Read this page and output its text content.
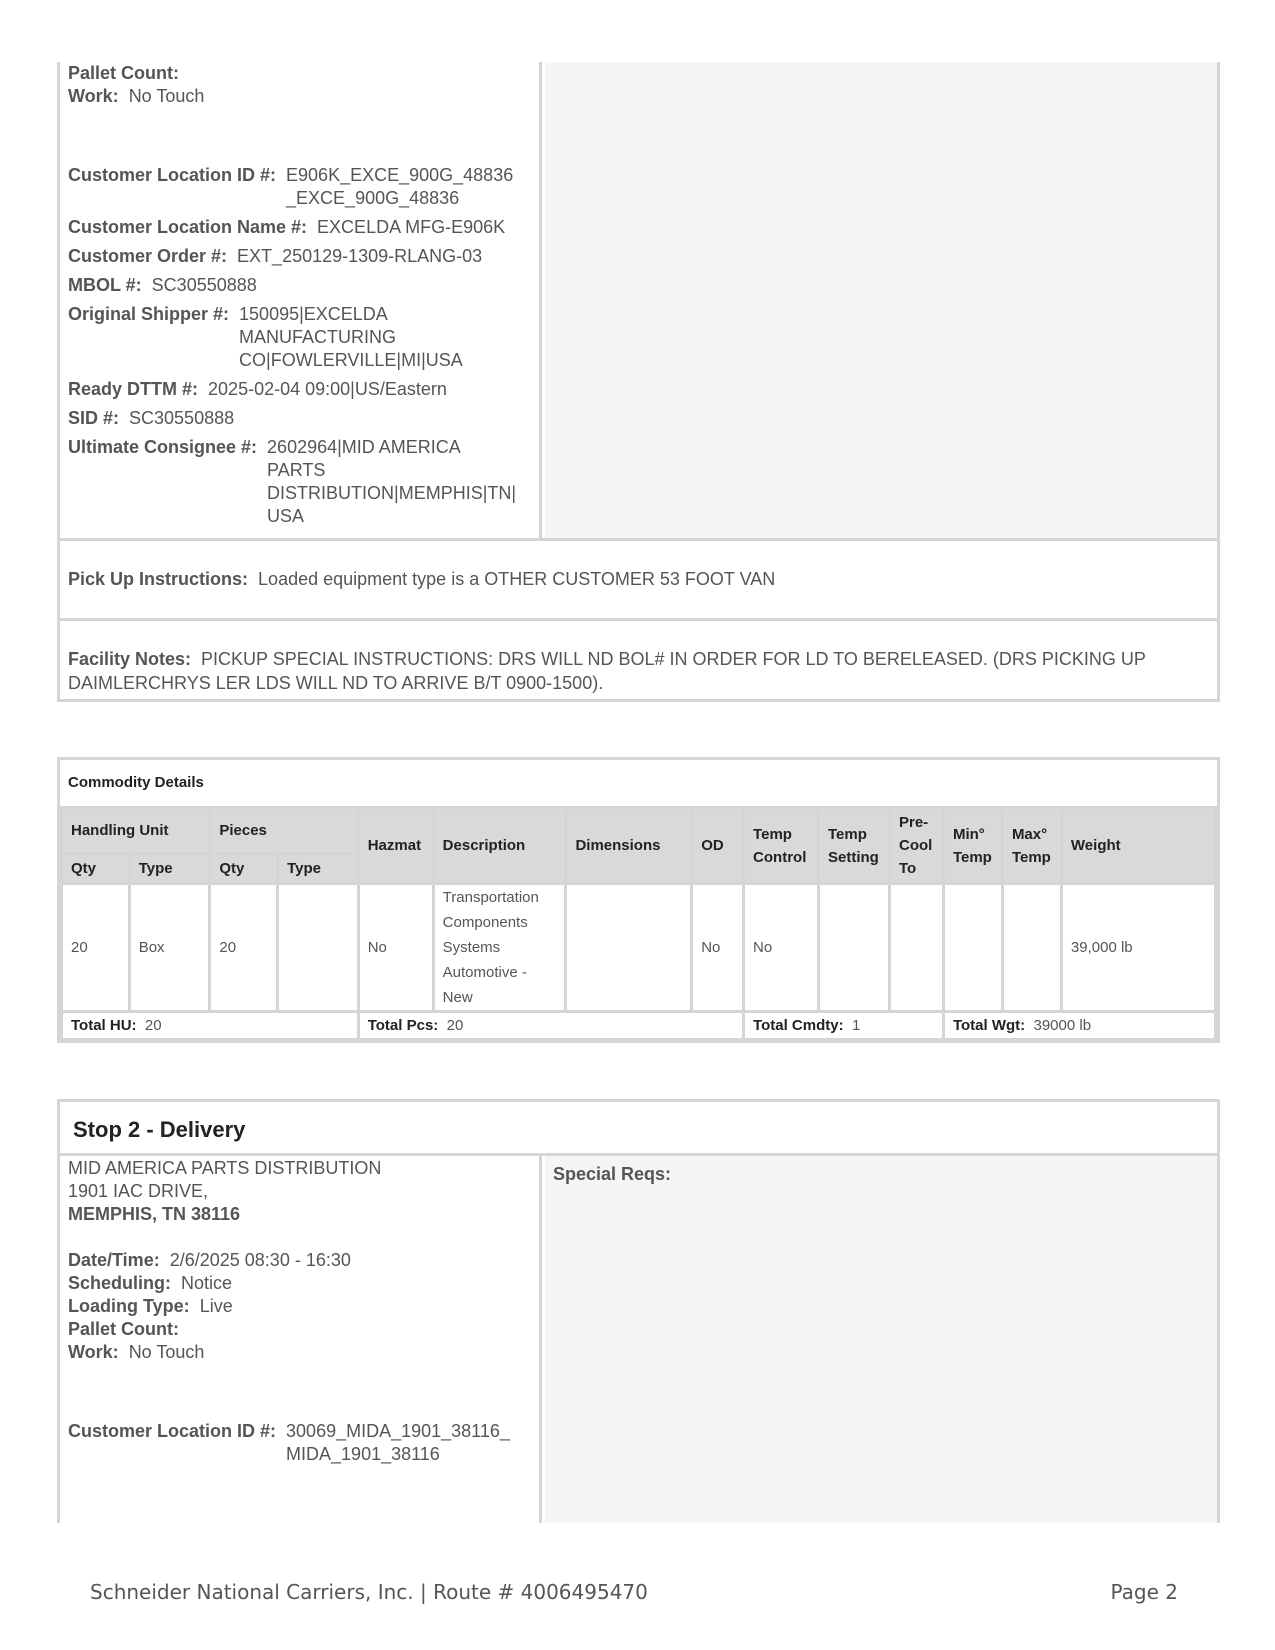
Pallet Count:
Work: No Touch
Customer Location ID #: E906K_EXCE_900G_48836
_EXCE_900G_48836
Customer Location Name #: EXCELDA MFG-E906K
Customer Order #: EXT_250129-1309-RLANG-03
MBOL #: SC30550888
Original Shipper #: 150095|EXCELDA MANUFACTURING CO|FOWLERVILLE|MI|USA
Ready DTTM #: 2025-02-04 09:00|US/Eastern
SID #: SC30550888
Ultimate Consignee #: 2602964|MID AMERICA PARTS DISTRIBUTION|MEMPHIS|TN| USA
Pick Up Instructions: Loaded equipment type is a OTHER CUSTOMER 53 FOOT VAN
Facility Notes: PICKUP SPECIAL INSTRUCTIONS: DRS WILL ND BOL# IN ORDER FOR LD TO BERELEASED. (DRS PICKING UP DAIMLERCHRYS LER LDS WILL ND TO ARRIVE B/T 0900-1500).
Commodity Details
Handling Unit		Pieces		Hazmat	Description	Dimensions	OD	Temp Control	Temp Setting	Pre-Cool To	Min° Temp	Max° Temp	Weight
Qty	Type	Qty	Type										
20	Box	20		No	Transportation Components Systems Automotive - New		No	No					39,000 lb
Total HU: 20				Total Pcs: 20				Total Cmdty: 1			Total Wgt: 39000 lb		
Stop 2 - Delivery
MID AMERICA PARTS DISTRIBUTION
1901 IAC DRIVE,
MEMPHIS, TN 38116
Date/Time: 2/6/2025 08:30 - 16:30
Scheduling: Notice
Loading Type: Live
Pallet Count:
Work: No Touch
Customer Location ID #: 30069_MIDA_1901_38116_
MIDA_1901_38116
Special Reqs:
Schneider National Carriers, Inc. | Route # 4006495470	Page 2
